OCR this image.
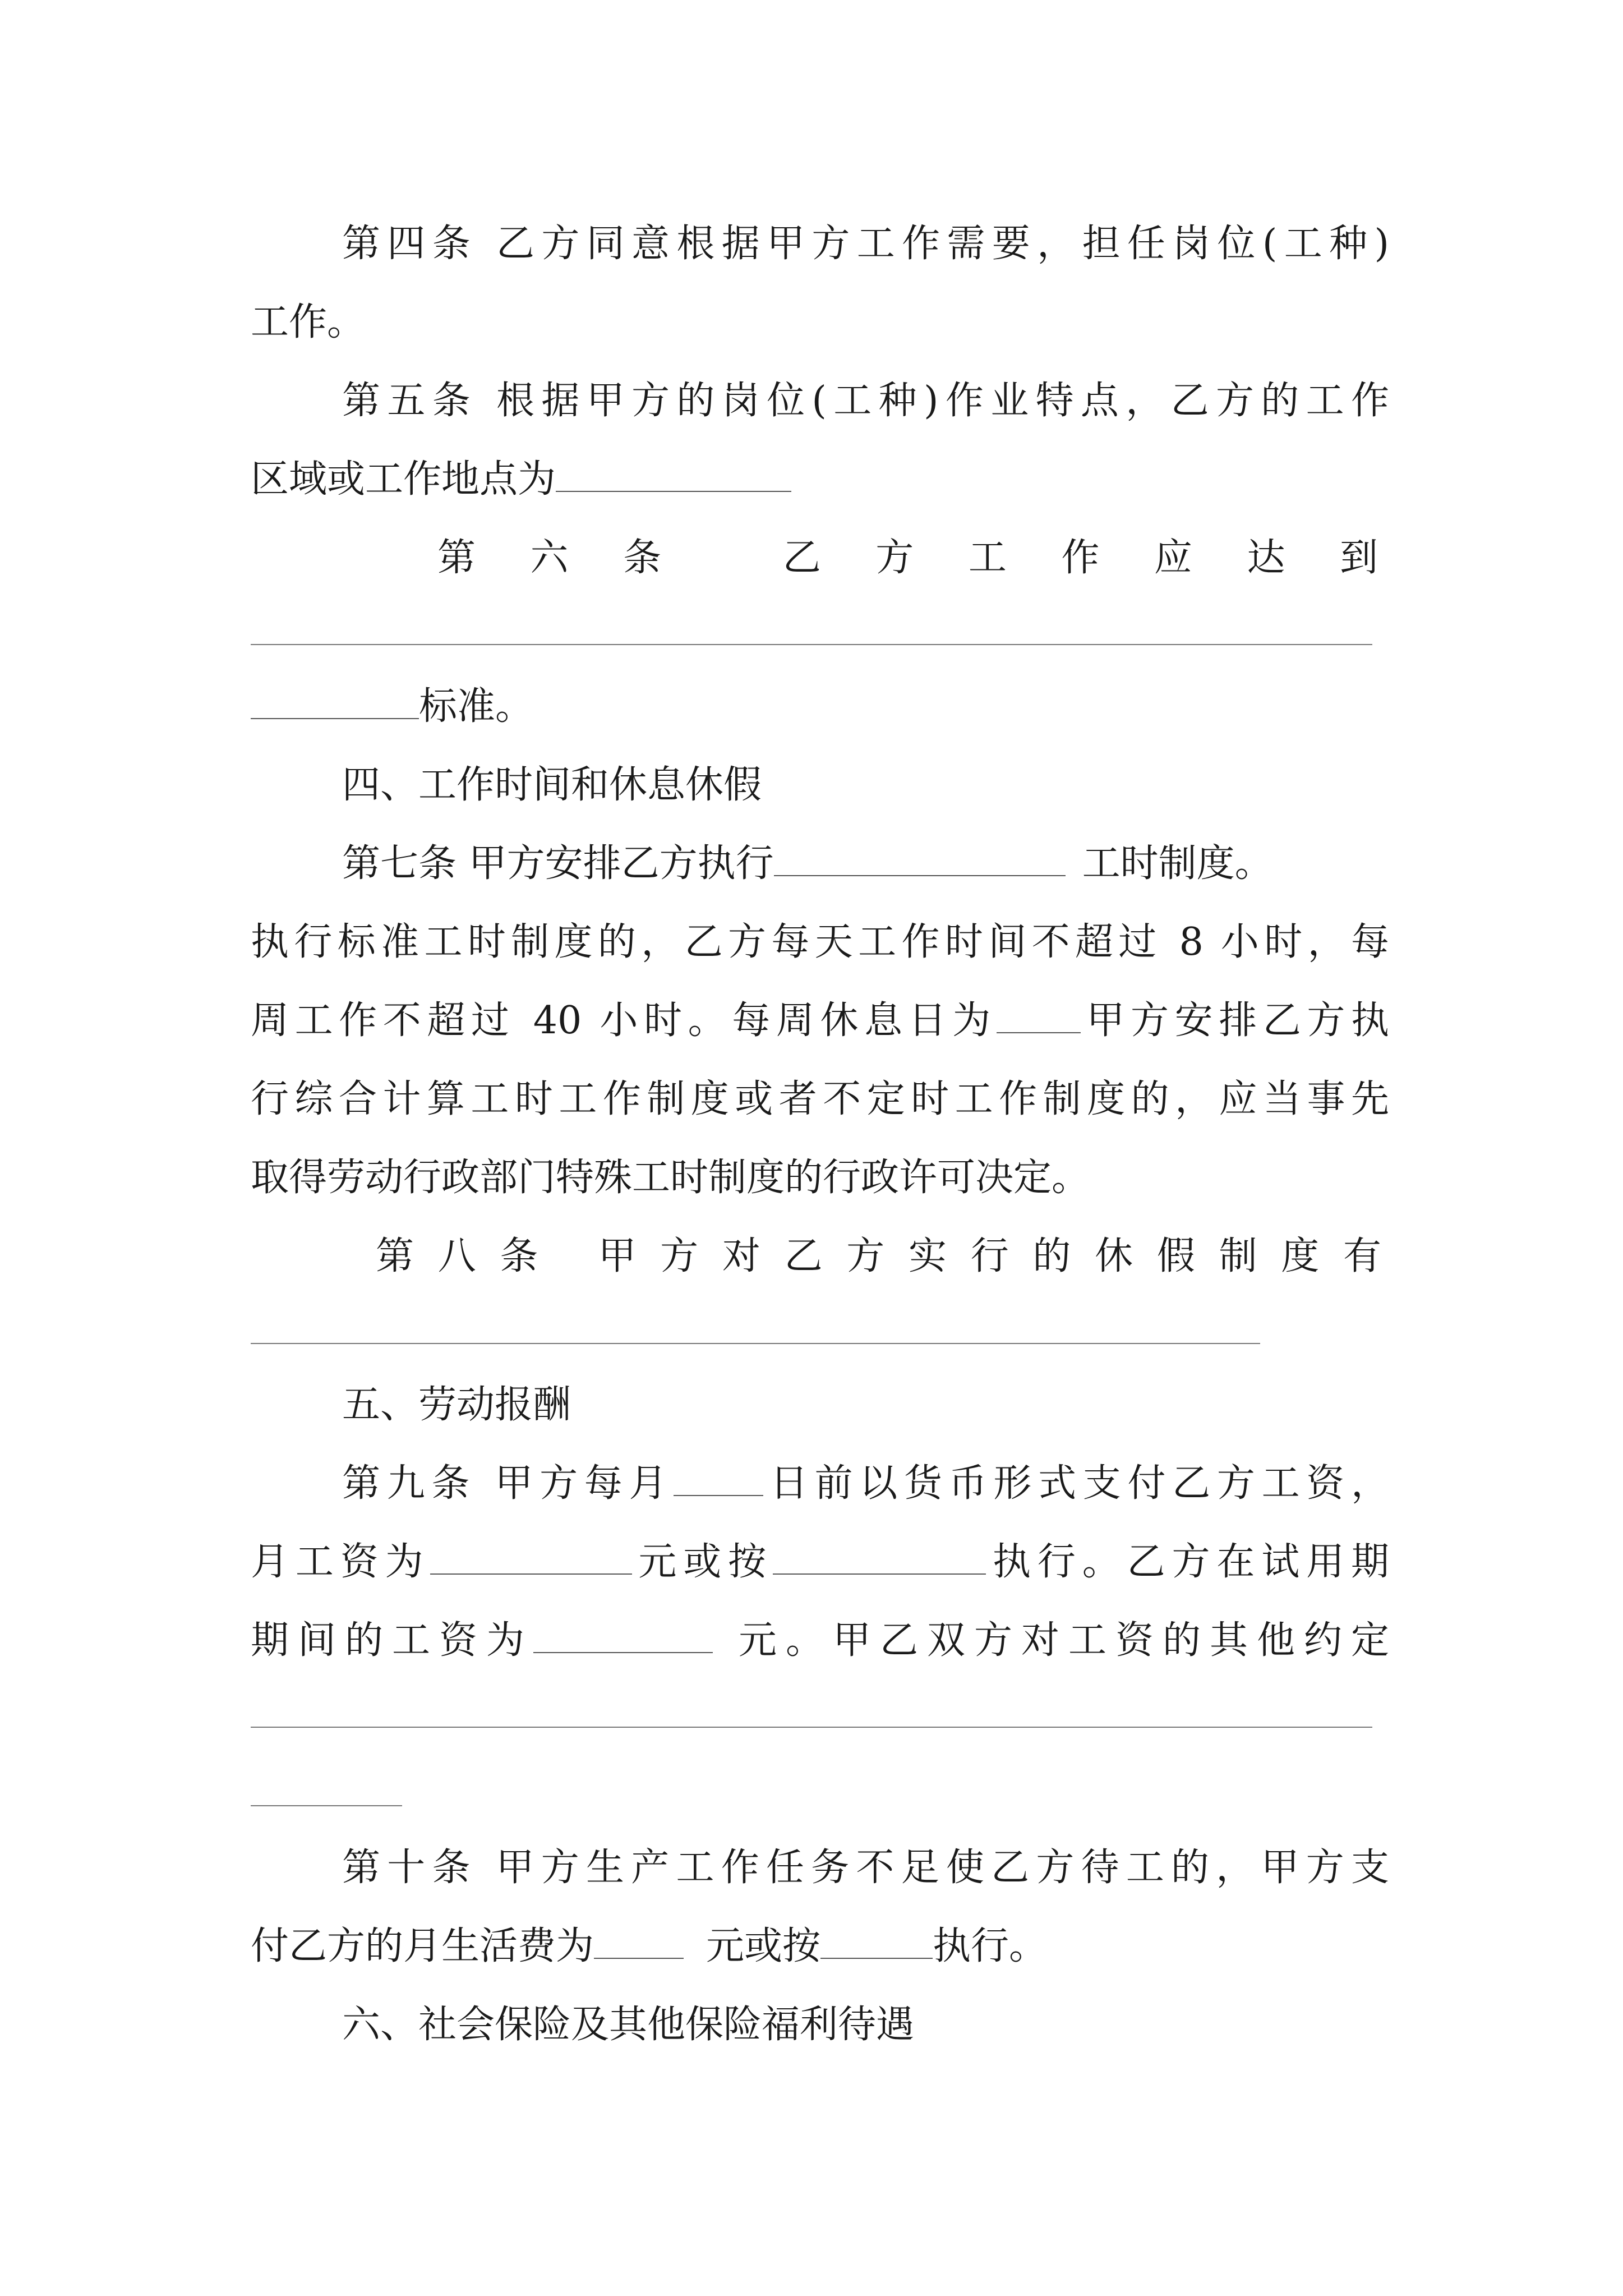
第四条 乙方同意根据甲方工作需要，担任岗位(工种)
工作。
第五条 根据甲方的岗位(工种)作业特点，乙方的工作
区域或工作地点为
第六条 乙方工作应达到
标准。
四、工作时间和休息休假
第七条 甲方安排乙方执行	工时制度。
执行标准工时制度的，乙方每天工作时间不超过 8 小时，每
周工作不超过 40 小时。每周休息日为 甲方安排乙方执
行综合计算工时工作制度或者不定时工作制度的，应当事先
取得劳动行政部门特殊工时制度的行政许可决定。
第八条 甲方对乙方实行的休假制度有
五、劳动报酬
第九条 甲方每月 日前以货币形式支付乙方工资，
月工资为	元或按	执行。乙方在试用期
期间的工资为	元。甲乙双方对工资的其他约定
第十条 甲方生产工作任务不足使乙方待工的，甲方支
付乙方的月生活费为	元或按	执行。
六、社会保险及其他保险福利待遇
